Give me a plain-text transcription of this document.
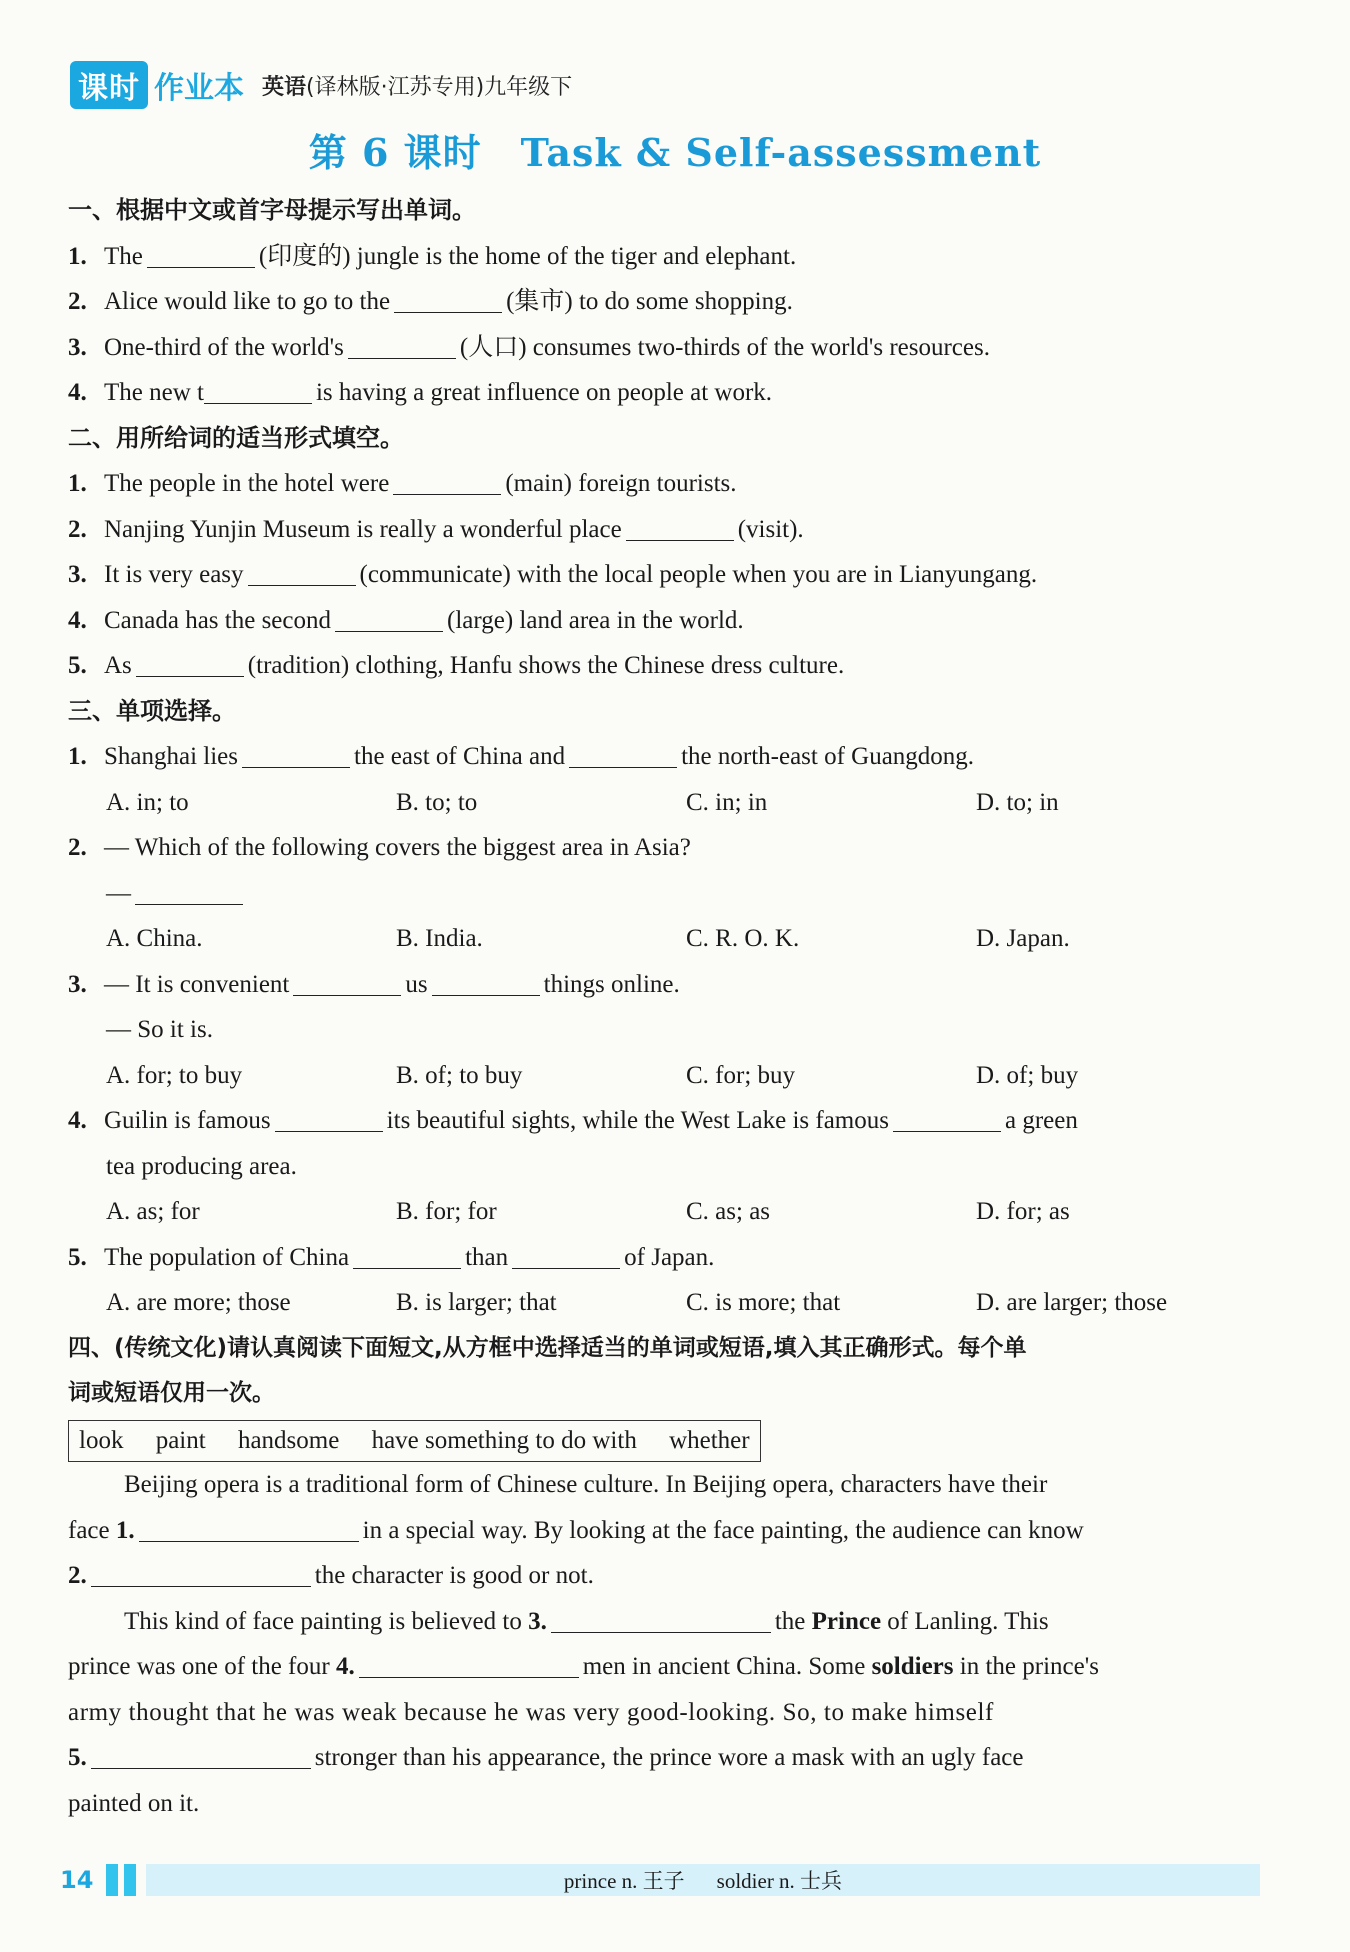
课时 作业本 英语(译林版·江苏专用)九年级下
第 6 课时　Task & Self-assessment
一、根据中文或首字母提示写出单词。
1. The	(印度的) jungle is the home of the tiger and elephant.
2. Alice would like to go to the	(集市) to do some shopping.
3. One-third of the world's	(人口) consumes two-thirds of the world's resources.
4. The new t	is having a great influence on people at work.
二、用所给词的适当形式填空。
1. The people in the hotel were	(main) foreign tourists.
2. Nanjing Yunjin Museum is really a wonderful place	(visit).
3. It is very easy	(communicate) with the local people when you are in Lianyungang.
4. Canada has the second	(large) land area in the world.
5. As	(tradition) clothing, Hanfu shows the Chinese dress culture.
三、单项选择。
1. Shanghai lies	the east of China and	the north-east of Guangdong.
A. in; to	B. to; to	C. in; in	D. to; in
2. — Which of the following covers the biggest area in Asia?
—
A. China.	B. India.	C. R. O. K.	D. Japan.
3. — It is convenient	us	things online.
— So it is.
A. for; to buy	B. of; to buy	C. for; buy	D. of; buy
4. Guilin is famous	its beautiful sights, while the West Lake is famous	a green
tea producing area.
A. as; for	B. for; for	C. as; as	D. for; as
5. The population of China	than	of Japan.
A. are more; those	B. is larger; that	C. is more; that	D. are larger; those
四、(传统文化)请认真阅读下面短文,从方框中选择适当的单词或短语,填入其正确形式。每个单
词或短语仅用一次。
look paint handsome have something to do with whether
Beijing opera is a traditional form of Chinese culture. In Beijing opera, characters have their
face 1.	in a special way. By looking at the face painting, the audience can know
2.	the character is good or not.
This kind of face painting is believed to 3.	the Prince of Lanling. This
prince was one of the four 4.	men in ancient China. Some soldiers in the prince's
army thought that he was weak because he was very good-looking. So, to make himself
5.	stronger than his appearance, the prince wore a mask with an ugly face
painted on it.
14	prince n. 王子 soldier n. 士兵
